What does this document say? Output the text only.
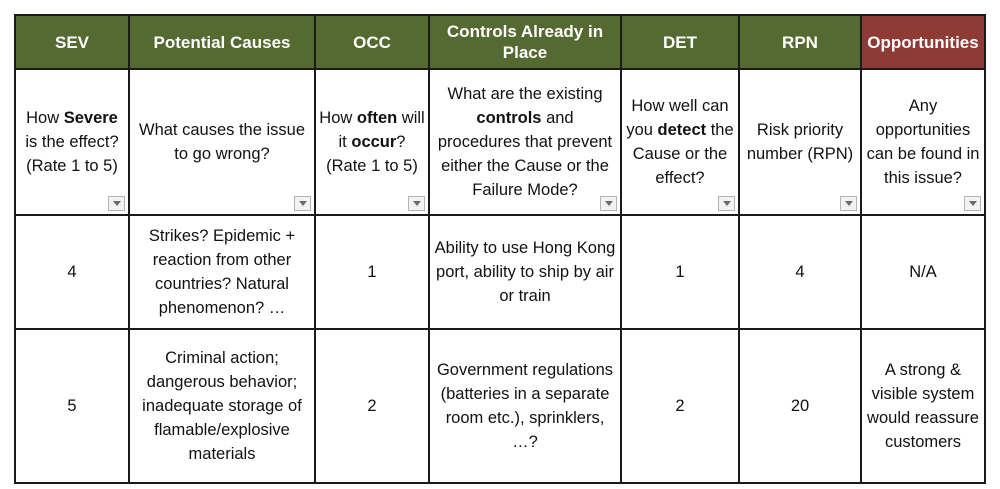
SEV	Potential Causes	OCC	Controls Already in Place	DET	RPN	Opportunities
How Severe is the effect? (Rate 1 to 5)	What causes the issue to go wrong?	How often will it occur? (Rate 1 to 5)	What are the existing controls and procedures that prevent either the Cause or the Failure Mode?	How well can you detect the Cause or the effect?	Risk priority number (RPN)	Any opportunities can be found in this issue?

4	Strikes? Epidemic + reaction from other countries? Natural phenomenon? …	1	Ability to use Hong Kong port, ability to ship by air or train	1	4	N/A
5	Criminal action; dangerous behavior; inadequate storage of flamable/explosive materials	2	Government regulations (batteries in a separate room etc.), sprinklers, …?	2	20	A strong & visible system would reassure customers
